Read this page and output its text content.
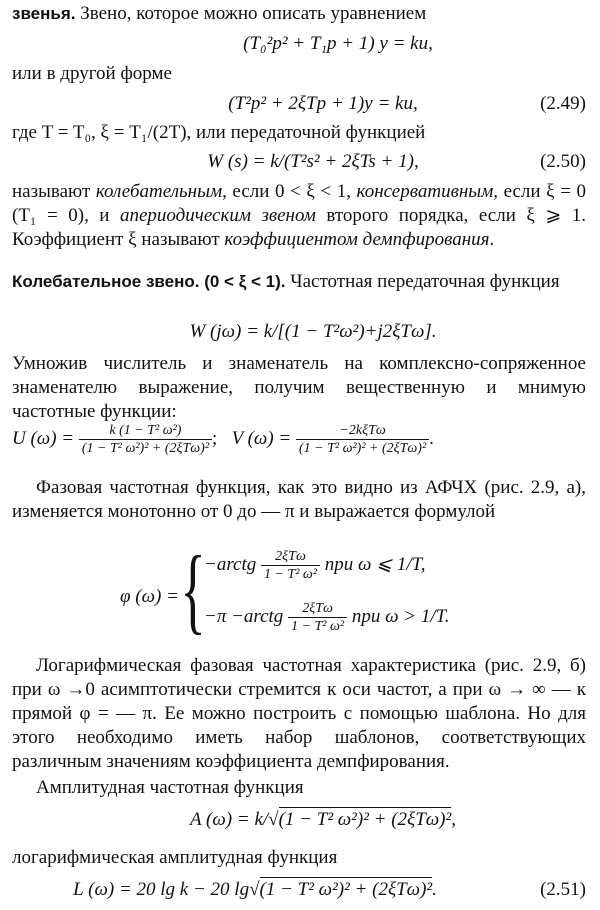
звенья. Звено, которое можно описать уравнением
(T₀²p² + T₁p + 1) y = ku,
или в другой форме
(T²p² + 2ξTp + 1)y = ku,	(2.49)
где T = T₀, ξ = T₁/(2T), или передаточной функцией
W (s) = k/(T²s² + 2ξTs + 1),	(2.50)
называют колебательным, если 0 < ξ < 1, консервативным, если ξ = 0 (T₁ = 0), и апериодическим звеном второго порядка, если ξ ⩾ 1. Коэффициент ξ называют коэффициентом демпфирования.
Колебательное звено. (0 < ξ < 1). Частотная передаточная функция
W (jω) = k/[(1 − T²ω²)+j2ξTω].
Умножив числитель и знаменатель на комплексно-сопряженное знаменателю выражение, получим вещественную и мнимую частотные функции:
U $(\omega) = \frac{\text{k (1 − T² ω²)}}{\text{(1 − T² ω²)² + (2ξTω)²}}$ ; V $(\omega) = \frac{\text{−2kξTω}}{\text{(1 − T² ω²)² + (2ξTω)²}}$ .
Фазовая частотная функция, как это видно из АФЧХ (рис. 2.9, а), изменяется монотонно от 0 до — π и выражается формулой
φ (ω) = {
−arctg $\frac{\text{2ξTω}}{\text{1 − T² ω²}}$ при ω ⩽ 1/T,
−π −arctg $\frac{\text{2ξTω}}{\text{1 − T² ω²}}$ при ω > 1/T.
Логарифмическая фазовая частотная характеристика (рис. 2.9, б) при ω →0 асимптотически стремится к оси частот, а при ω → ∞ — к прямой φ = — π. Ее можно построить с помощью шаблона. Но для этого необходимо иметь набор шаблонов, соответствующих различным значениям коэффициента демпфирования.
Амплитудная частотная функция
A (ω) = k/√(1 − T² ω²)² + (2ξTω)²,
логарифмическая амплитудная функция
L (ω) = 20 lg k − 20 lg√(1 − T² ω²)² + (2ξTω)².	(2.51)
